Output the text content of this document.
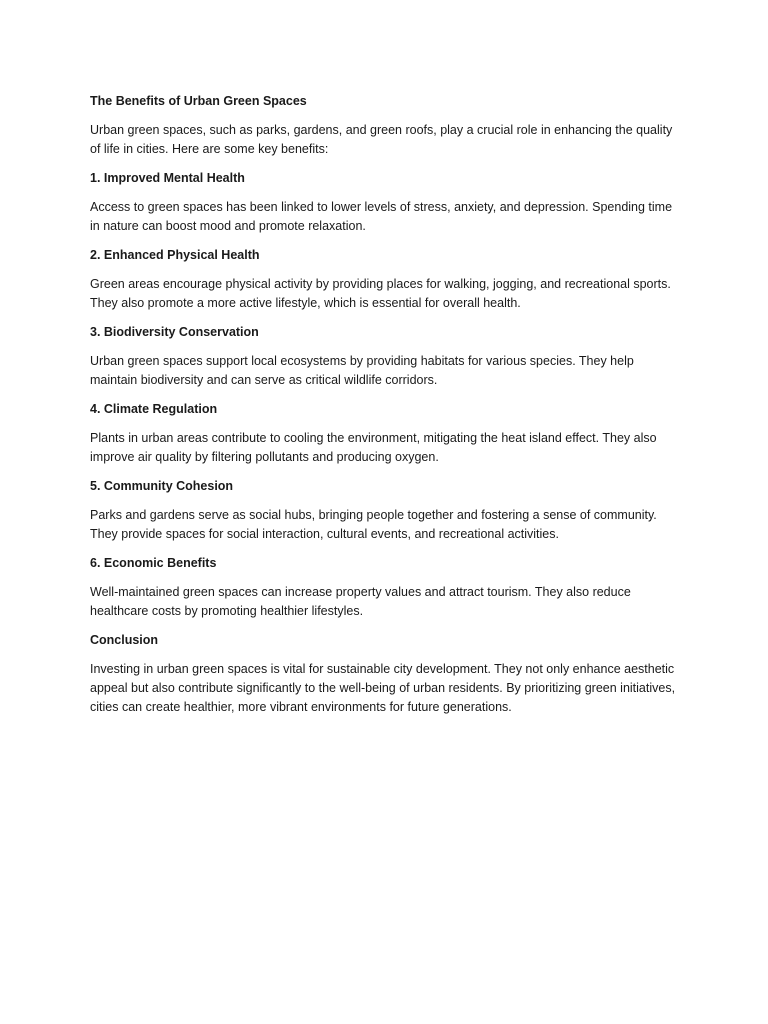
The Benefits of Urban Green Spaces

Urban green spaces, such as parks, gardens, and green roofs, play a crucial role in enhancing the quality of life in cities. Here are some key benefits:

1. Improved Mental Health

Access to green spaces has been linked to lower levels of stress, anxiety, and depression. Spending time in nature can boost mood and promote relaxation.

2. Enhanced Physical Health

Green areas encourage physical activity by providing places for walking, jogging, and recreational sports. They also promote a more active lifestyle, which is essential for overall health.

3. Biodiversity Conservation

Urban green spaces support local ecosystems by providing habitats for various species. They help maintain biodiversity and can serve as critical wildlife corridors.

4. Climate Regulation

Plants in urban areas contribute to cooling the environment, mitigating the heat island effect. They also improve air quality by filtering pollutants and producing oxygen.

5. Community Cohesion

Parks and gardens serve as social hubs, bringing people together and fostering a sense of community. They provide spaces for social interaction, cultural events, and recreational activities.

6. Economic Benefits

Well-maintained green spaces can increase property values and attract tourism. They also reduce healthcare costs by promoting healthier lifestyles.

Conclusion

Investing in urban green spaces is vital for sustainable city development. They not only enhance aesthetic appeal but also contribute significantly to the well-being of urban residents. By prioritizing green initiatives, cities can create healthier, more vibrant environments for future generations.
